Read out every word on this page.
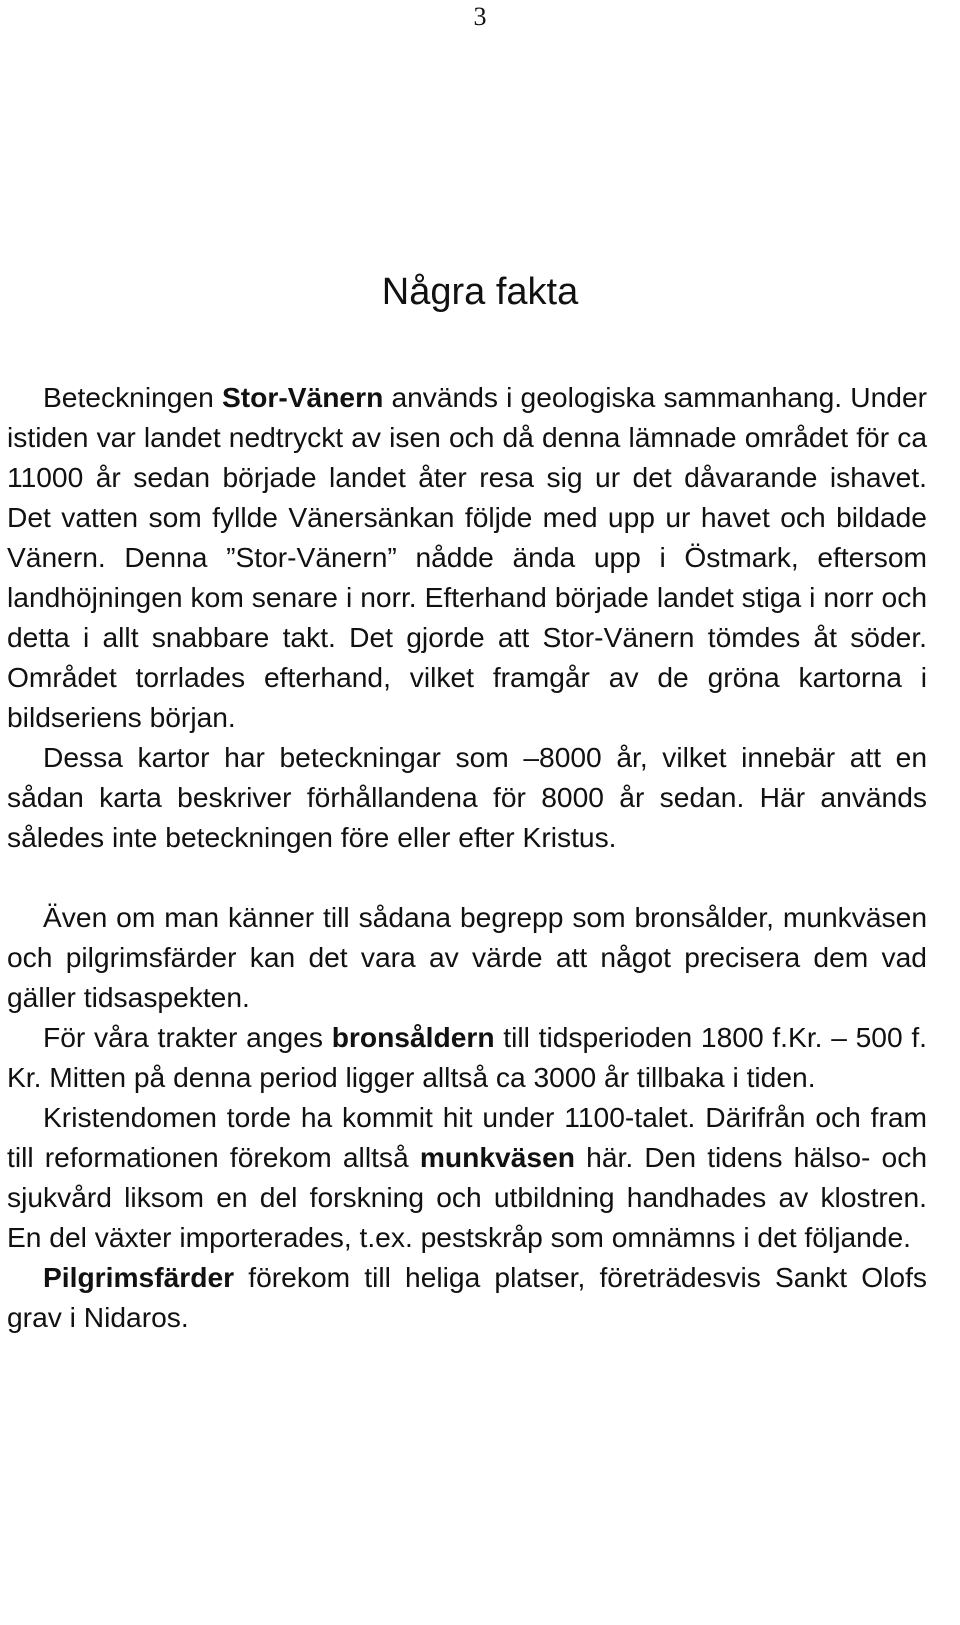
3
Några fakta

Beteckningen Stor-Vänern används i geologiska sammanhang. Under istiden var landet nedtryckt av isen och då denna lämnade området för ca 11000 år sedan började landet åter resa sig ur det dåvarande ishavet. Det vatten som fyllde Vänersänkan följde med upp ur havet och bildade Vänern. Denna ”Stor-Vänern” nådde ända upp i Östmark, eftersom landhöjningen kom senare i norr. Efterhand började landet stiga i norr och detta i allt snabbare takt. Det gjorde att Stor-Vänern tömdes åt söder. Området torrlades efterhand, vilket framgår av de gröna kartorna i bildseriens början.

Dessa kartor har beteckningar som –8000 år, vilket innebär att en sådan karta beskriver förhållandena för 8000 år sedan. Här används således inte beteckningen före eller efter Kristus.

Även om man känner till sådana begrepp som bronsålder, munkväsen och pilgrimsfärder kan det vara av värde att något precisera dem vad gäller tidsaspekten.

För våra trakter anges bronsåldern till tidsperioden 1800 f.Kr. – 500 f. Kr. Mitten på denna period ligger alltså ca 3000 år tillbaka i tiden.

Kristendomen torde ha kommit hit under 1100-talet. Därifrån och fram till reformationen förekom alltså munkväsen här. Den tidens hälso- och sjukvård liksom en del forskning och utbildning handhades av klostren. En del växter importerades, t.ex. pestskråp som omnämns i det följande.

Pilgrimsfärder förekom till heliga platser, företrädesvis Sankt Olofs grav i Nidaros.
